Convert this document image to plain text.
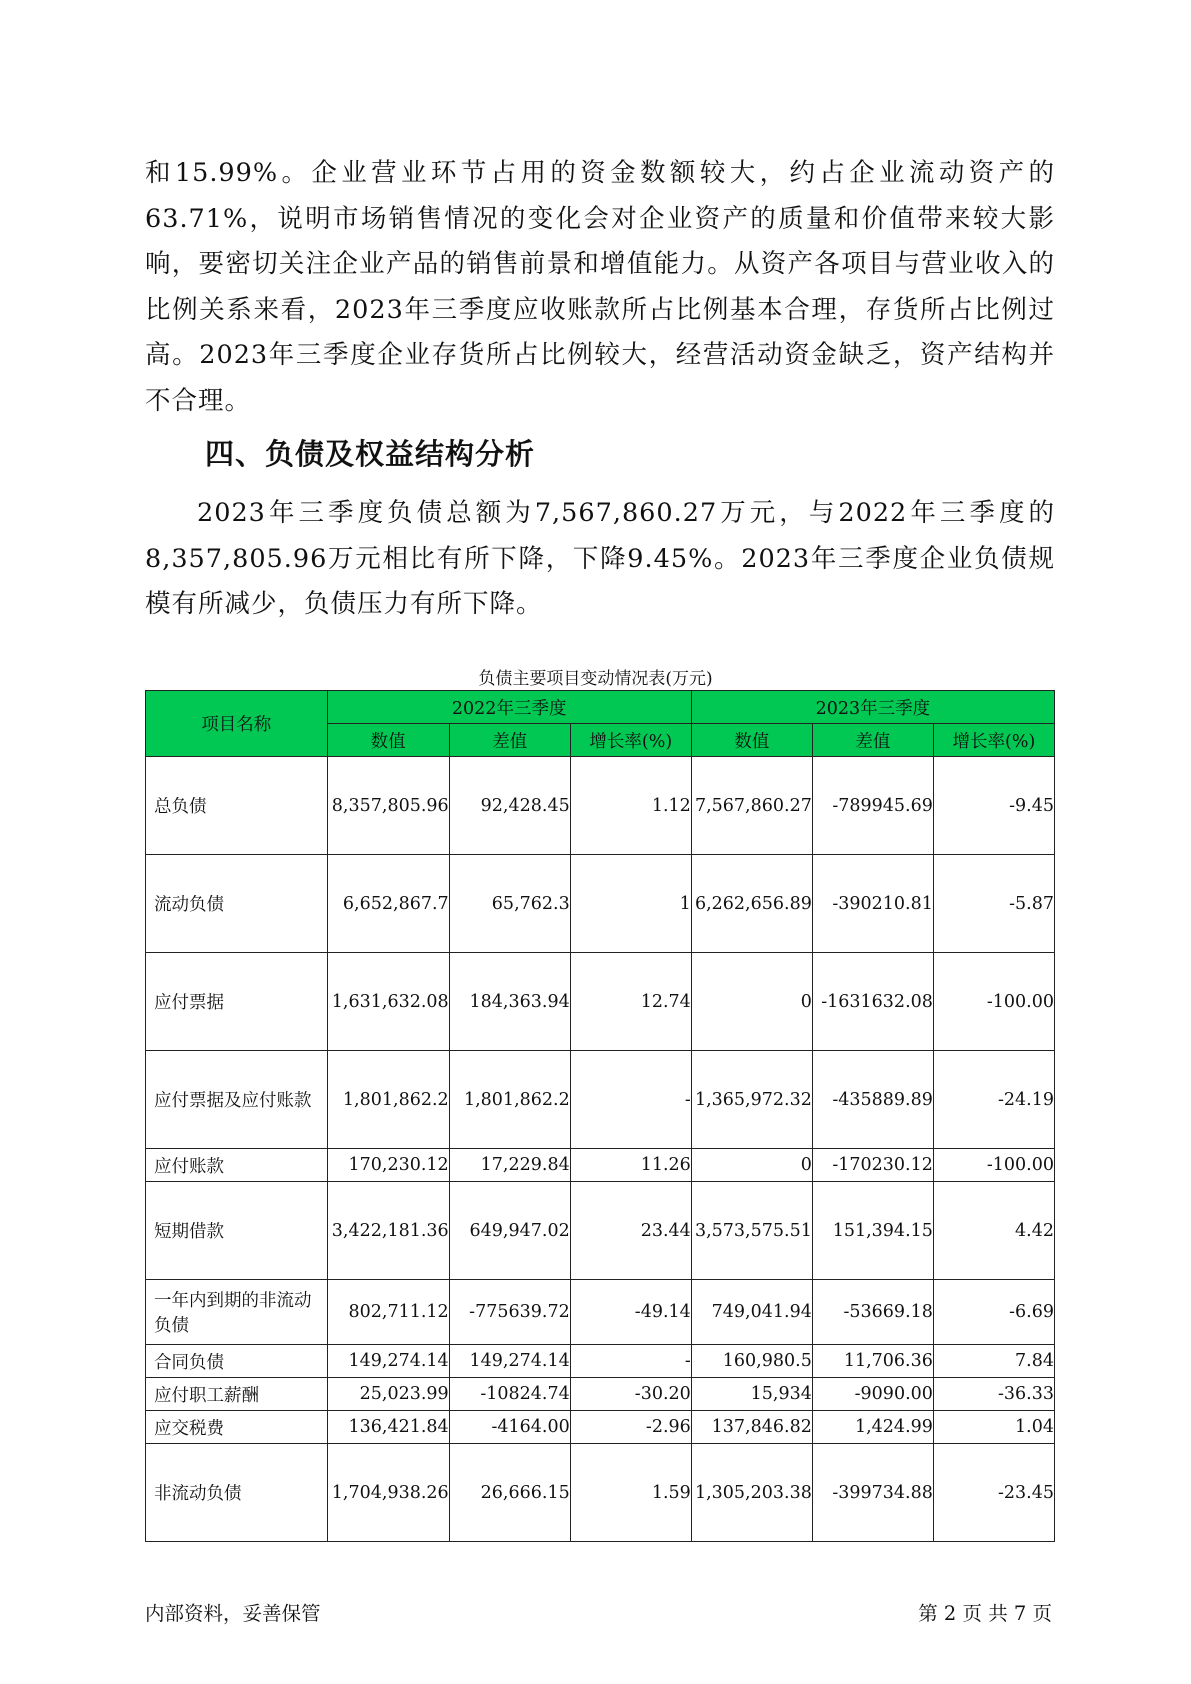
和15.99%。企业营业环节占用的资金数额较大，约占企业流动资产的63.71%，说明市场销售情况的变化会对企业资产的质量和价值带来较大影响，要密切关注企业产品的销售前景和增值能力。从资产各项目与营业收入的比例关系来看，2023年三季度应收账款所占比例基本合理，存货所占比例过高。2023年三季度企业存货所占比例较大，经营活动资金缺乏，资产结构并不合理。

四、负债及权益结构分析

2023年三季度负债总额为7,567,860.27万元，与2022年三季度的8,357,805.96万元相比有所下降，下降9.45%。2023年三季度企业负债规模有所减少，负债压力有所下降。

负债主要项目变动情况表(万元)
项目名称	2022年三季度			2023年三季度		
	数值	差值	增长率(%)	数值	差值	增长率(%)
总负债	8,357,805.96	92,428.45	1.12	7,567,860.27	-789945.69	-9.45
流动负债	6,652,867.7	65,762.3	1	6,262,656.89	-390210.81	-5.87
应付票据	1,631,632.08	184,363.94	12.74	0	-1631632.08	-100.00
应付票据及应付账款	1,801,862.2	1,801,862.2	-	1,365,972.32	-435889.89	-24.19
应付账款	170,230.12	17,229.84	11.26	0	-170230.12	-100.00
短期借款	3,422,181.36	649,947.02	23.44	3,573,575.51	151,394.15	4.42
一年内到期的非流动负债	802,711.12	-775639.72	-49.14	749,041.94	-53669.18	-6.69
合同负债	149,274.14	149,274.14	-	160,980.5	11,706.36	7.84
应付职工薪酬	25,023.99	-10824.74	-30.20	15,934	-9090.00	-36.33
应交税费	136,421.84	-4164.00	-2.96	137,846.82	1,424.99	1.04
非流动负债	1,704,938.26	26,666.15	1.59	1,305,203.38	-399734.88	-23.45
内部资料，妥善保管	第 2 页 共 7 页
